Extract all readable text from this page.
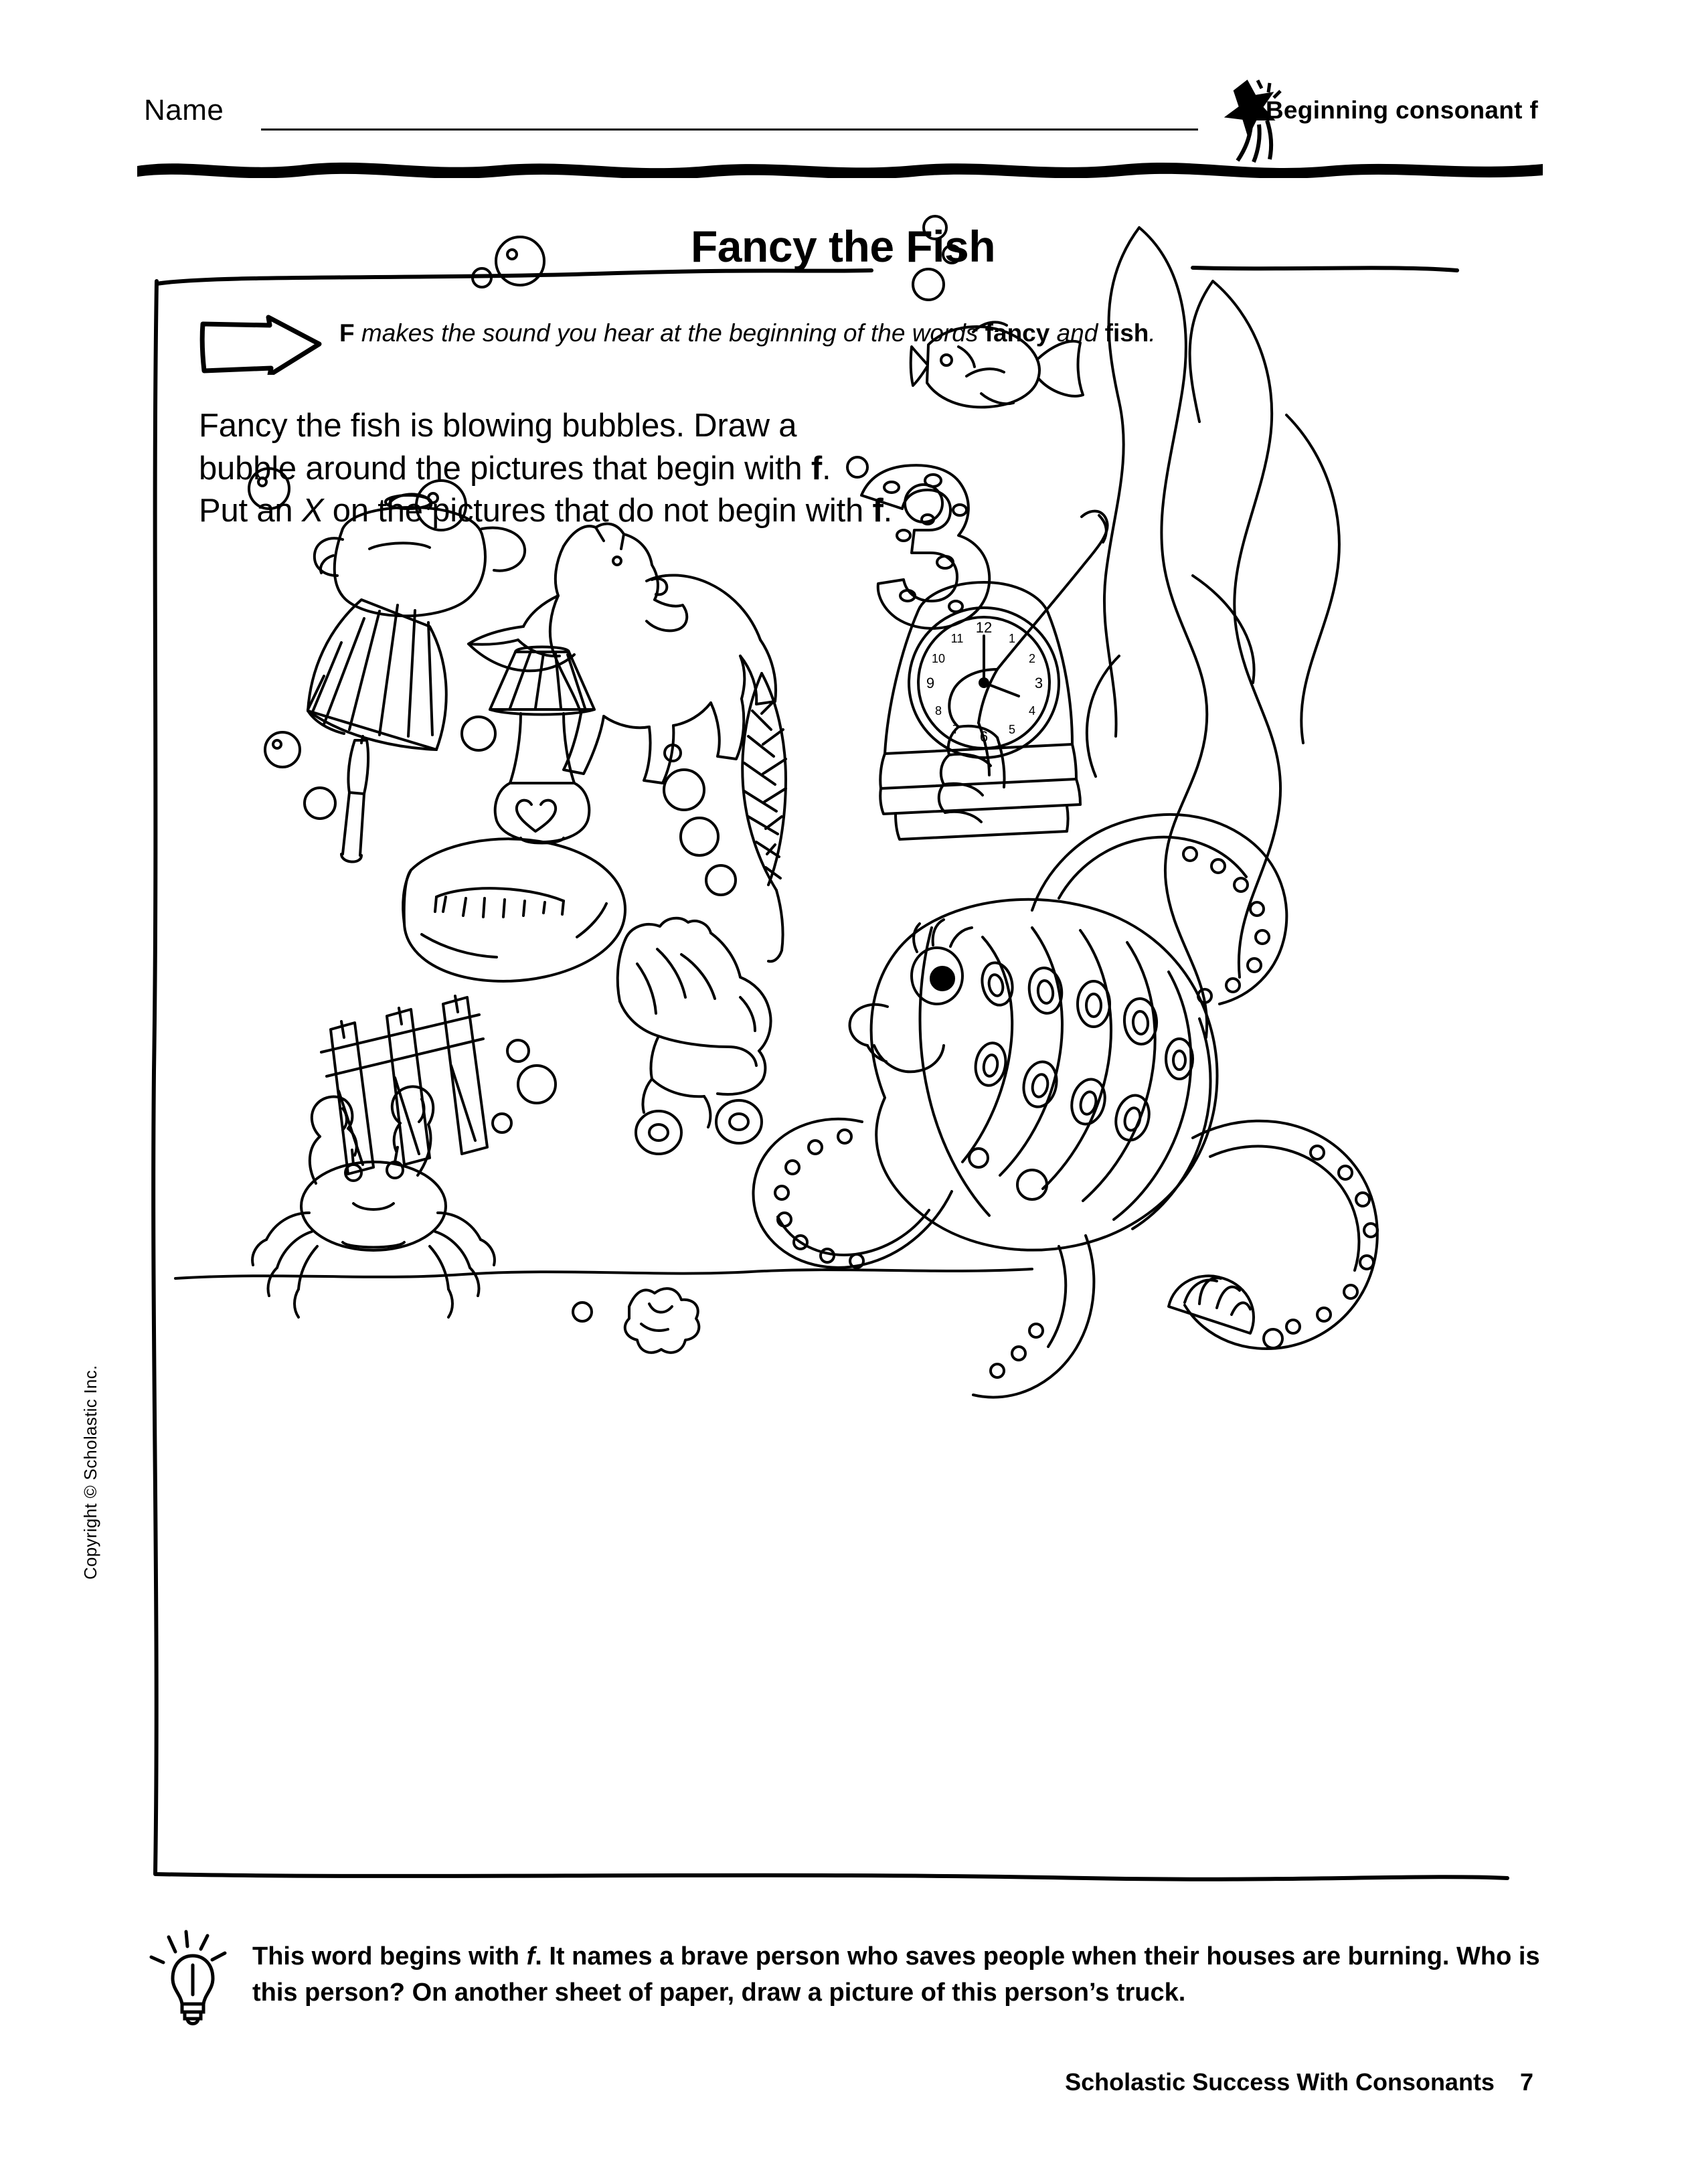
Name	Beginning consonant f
Fancy the Fish
F makes the sound you hear at the beginning of the words fancy and fish.
Fancy the fish is blowing bubbles. Draw a
bubble around the pictures that begin with f.
Put an X on the pictures that do not begin with f.
12
3
6
9
1
2
4
5
7
8
10
11
Copyright © Scholastic Inc.
This word begins with f. It names a brave person who saves people when their houses are burning. Who is this person? On another sheet of paper, draw a picture of this person’s truck.
Scholastic Success With Consonants 7
